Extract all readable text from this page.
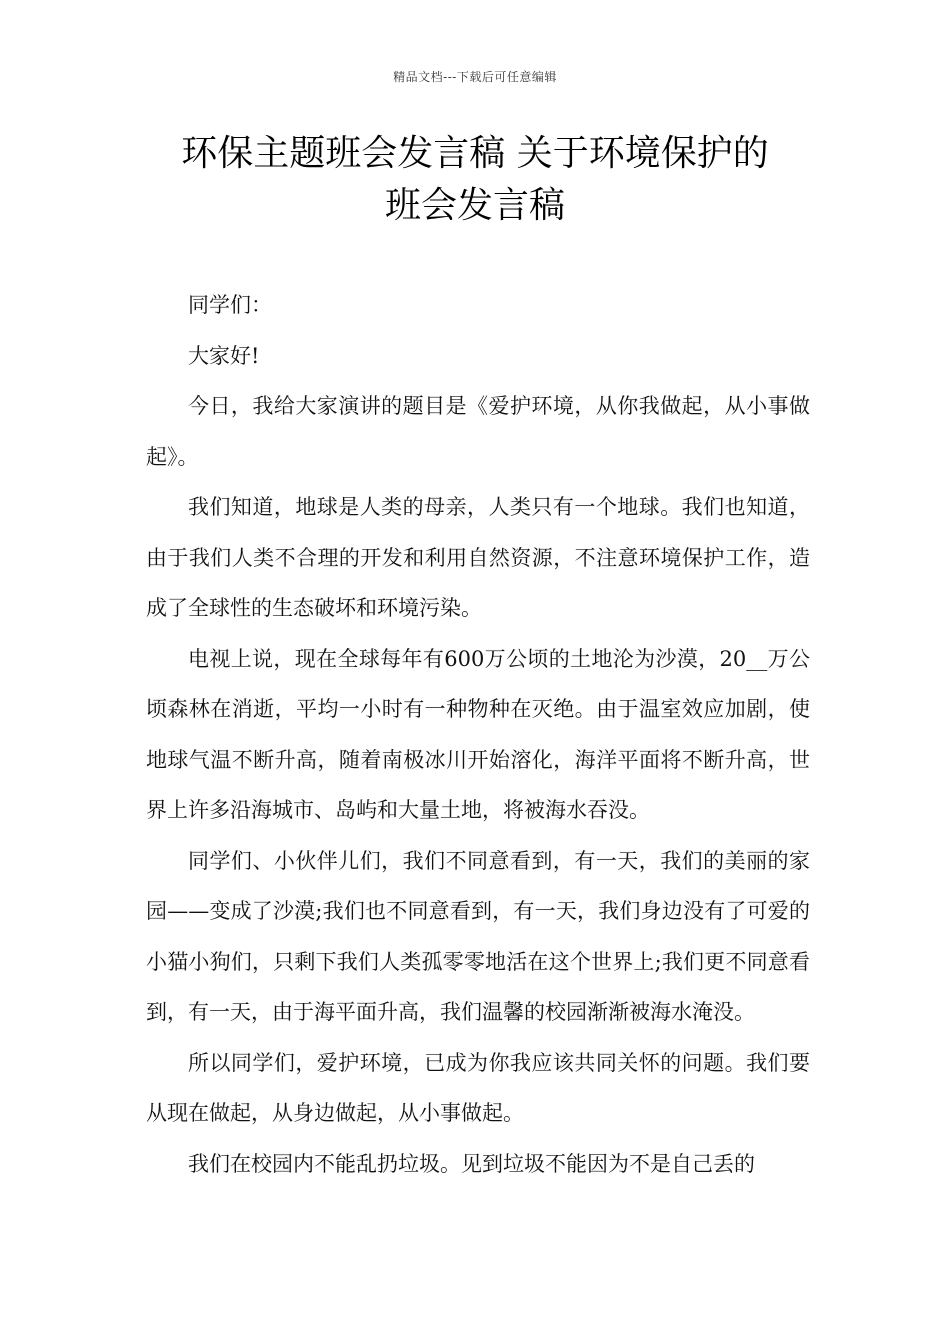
精品文档---下载后可任意编辑
环保主题班会发言稿 关于环境保护的
班会发言稿

同学们：

大家好!

今日，我给大家演讲的题目是《爱护环境，从你我做起，从小事做起》。

我们知道，地球是人类的母亲，人类只有一个地球。我们也知道，由于我们人类不合理的开发和利用自然资源，不注意环境保护工作，造成了全球性的生态破坏和环境污染。

电视上说，现在全球每年有600万公顷的土地沦为沙漠，20__万公顷森林在消逝，平均一小时有一种物种在灭绝。由于温室效应加剧，使地球气温不断升高，随着南极冰川开始溶化，海洋平面将不断升高，世界上许多沿海城市、岛屿和大量土地，将被海水吞没。

同学们、小伙伴儿们，我们不同意看到，有一天，我们的美丽的家园——变成了沙漠;我们也不同意看到，有一天，我们身边没有了可爱的小猫小狗们，只剩下我们人类孤零零地活在这个世界上;我们更不同意看到，有一天，由于海平面升高，我们温馨的校园渐渐被海水淹没。

所以同学们，爱护环境，已成为你我应该共同关怀的问题。我们要从现在做起，从身边做起，从小事做起。

我们在校园内不能乱扔垃圾。见到垃圾不能因为不是自己丢的
